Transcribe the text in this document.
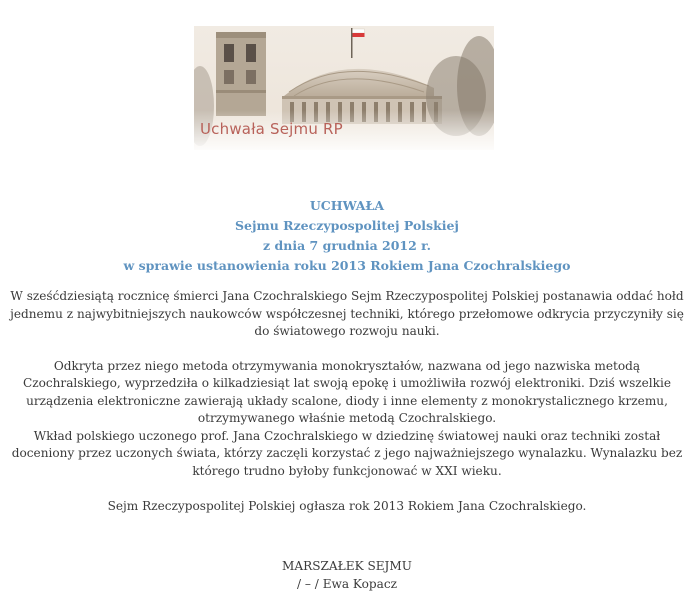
Uchwała Sejmu RP
UCHWAŁA
Sejmu Rzeczypospolitej Polskiej
z dnia 7 grudnia 2012 r.
w sprawie ustanowienia roku 2013 Rokiem Jana Czochralskiego

W sześćdziesiątą rocznicę śmierci Jana Czochralskiego Sejm Rzeczypospolitej Polskiej postanawia oddać hołd jednemu z najwybitniejszych naukowców współczesnej techniki, którego przełomowe odkrycia przyczyniły się do światowego rozwoju nauki.

Odkryta przez niego metoda otrzymywania monokryształów, nazwana od jego nazwiska metodą Czochralskiego, wyprzedziła o kilkadziesiąt lat swoją epokę i umożliwiła rozwój elektroniki. Dziś wszelkie urządzenia elektroniczne zawierają układy scalone, diody i inne elementy z monokrystalicznego krzemu, otrzymywanego właśnie metodą Czochralskiego.

Wkład polskiego uczonego prof. Jana Czochralskiego w dziedzinę światowej nauki oraz techniki został doceniony przez uczonych świata, którzy zaczęli korzystać z jego najważniejszego wynalazku. Wynalazku bez którego trudno byłoby funkcjonować w XXI wieku.

Sejm Rzeczypospolitej Polskiej ogłasza rok 2013 Rokiem Jana Czochralskiego.

MARSZAŁEK SEJMU
/ – / Ewa Kopacz
